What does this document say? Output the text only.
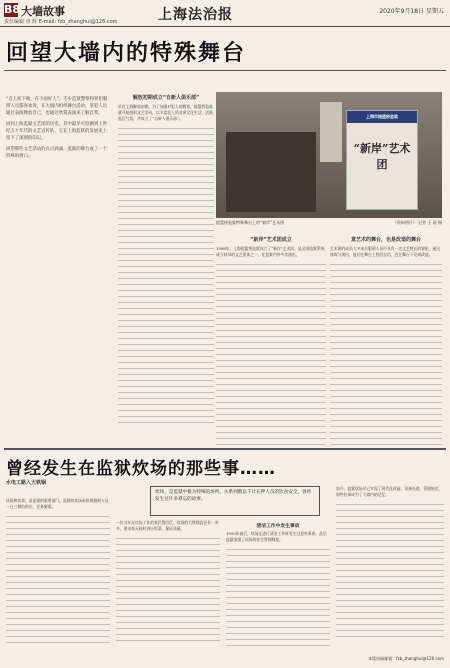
B8 大墙故事
责任编辑 章 辉 E-mail: fzb_zhanghui@126.com	上海法治报	2020年9月18日 星期五
回望大墙内的特殊舞台

“自上而下地，在下面好人”，不少监狱警察和罪犯服刑人员都喜欢说，在大墙内组织舞台活动，罪犯人员通过表演释放自己，也通过欣赏表演来了解自我。

回到上海监狱文艺团的历史，其中最早可追溯到上世纪五十年代的文艺宣传队，它在上海监狱的发展史上留下了深刻的印记。

回望那些文艺活动的点点滴滴，监狱的舞台成了一个特殊的窗口。

解放初期成立“自新人俱乐部”
早在上海解放初期，为了加强对犯人的教育，提篮桥监狱就开始组织文艺活动，以丰富犯人的业余文化生活，活跃监区气氛，并成立了“自新人俱乐部”。	上海市提篮桥监狱
“新岸”艺术团
提篮桥监狱特殊舞台上的“新岸”艺术团	（资料图片） 记者 王 晨 摄
“新岸”艺术团成立
1998年，上海提篮桥监狱成立了“新岸”艺术团，是全国监狱系统成立较早的文艺团体之一，在监狱内外多次演出。
意艺术的舞台，也是改造的舞台
艺术团的成员大多来自服刑人员中具有一定文艺特长的罪犯，通过排练与演出，他们在舞台上找回自信，也在舞台下完成改造。
曾经发生在监狱炊场的那些事……
水电工路入大铁锅
炊场，是监狱中极为特殊的场所，关系到数以千计在押人员的饮食安全，曾经发生过许多难忘的故事。
炊场和炊事，是监狱的重要部门。监狱的炊场承担着服刑人员一日三餐的供应，任务繁重。
一位当年在炊场工作的老民警回忆，炊场的大铁锅直径有一米多，要求每天按时供应饭菜，保证质量。	清洁工作中发生事故
1990年前后，炊场在进行清洁工作时发生过意外事故，此后监狱加强了炊场的安全管理制度。
如今，监狱炊场早已实现了现代化改造，设备先进，管理规范，那些往事成为了大墙内的记忆。
本版投稿邮箱：fzb_zhanghui@126.com
